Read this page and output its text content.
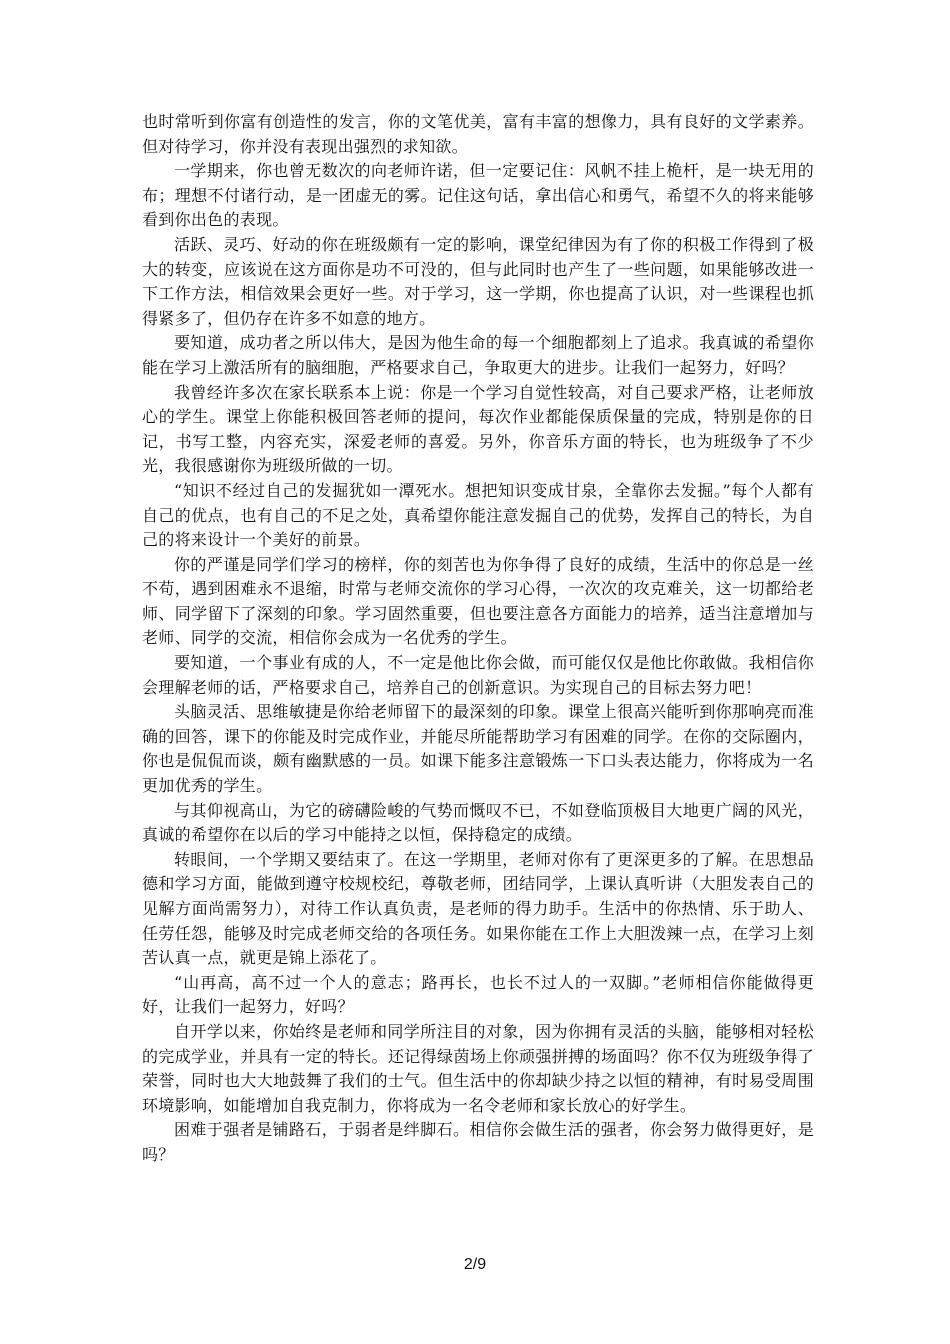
也时常听到你富有创造性的发言，你的文笔优美，富有丰富的想像力，具有良好的文学素养。但对待学习，你并没有表现出强烈的求知欲。

一学期来，你也曾无数次的向老师许诺，但一定要记住：风帆不挂上桅杆，是一块无用的布；理想不付诸行动，是一团虚无的雾。记住这句话，拿出信心和勇气，希望不久的将来能够看到你出色的表现。

活跃、灵巧、好动的你在班级颇有一定的影响，课堂纪律因为有了你的积极工作得到了极大的转变，应该说在这方面你是功不可没的，但与此同时也产生了一些问题，如果能够改进一下工作方法，相信效果会更好一些。对于学习，这一学期，你也提高了认识，对一些课程也抓得紧多了，但仍存在许多不如意的地方。

要知道，成功者之所以伟大，是因为他生命的每一个细胞都刻上了追求。我真诚的希望你能在学习上激活所有的脑细胞，严格要求自己，争取更大的进步。让我们一起努力，好吗？

我曾经许多次在家长联系本上说：你是一个学习自觉性较高，对自己要求严格，让老师放心的学生。课堂上你能积极回答老师的提问，每次作业都能保质保量的完成，特别是你的日记，书写工整，内容充实，深爱老师的喜爱。另外，你音乐方面的特长，也为班级争了不少光，我很感谢你为班级所做的一切。

“知识不经过自己的发掘犹如一潭死水。想把知识变成甘泉，全靠你去发掘。”每个人都有自己的优点，也有自己的不足之处，真希望你能注意发掘自己的优势，发挥自己的特长，为自己的将来设计一个美好的前景。

你的严谨是同学们学习的榜样，你的刻苦也为你争得了良好的成绩，生活中的你总是一丝不苟，遇到困难永不退缩，时常与老师交流你的学习心得，一次次的攻克难关，这一切都给老师、同学留下了深刻的印象。学习固然重要，但也要注意各方面能力的培养，适当注意增加与老师、同学的交流，相信你会成为一名优秀的学生。

要知道，一个事业有成的人，不一定是他比你会做，而可能仅仅是他比你敢做。我相信你会理解老师的话，严格要求自己，培养自己的创新意识。为实现自己的目标去努力吧！

头脑灵活、思维敏捷是你给老师留下的最深刻的印象。课堂上很高兴能听到你那响亮而准确的回答，课下的你能及时完成作业，并能尽所能帮助学习有困难的同学。在你的交际圈内，你也是侃侃而谈，颇有幽默感的一员。如课下能多注意锻炼一下口头表达能力，你将成为一名更加优秀的学生。

与其仰视高山，为它的磅礴险峻的气势而慨叹不已，不如登临顶极目大地更广阔的风光，真诚的希望你在以后的学习中能持之以恒，保持稳定的成绩。

转眼间，一个学期又要结束了。在这一学期里，老师对你有了更深更多的了解。在思想品德和学习方面，能做到遵守校规校纪，尊敬老师，团结同学，上课认真听讲（大胆发表自己的见解方面尚需努力），对待工作认真负责，是老师的得力助手。生活中的你热情、乐于助人、任劳任怨，能够及时完成老师交给的各项任务。如果你能在工作上大胆泼辣一点，在学习上刻苦认真一点，就更是锦上添花了。

“山再高，高不过一个人的意志；路再长，也长不过人的一双脚。”老师相信你能做得更好，让我们一起努力，好吗？

自开学以来，你始终是老师和同学所注目的对象，因为你拥有灵活的头脑，能够相对轻松的完成学业，并具有一定的特长。还记得绿茵场上你顽强拼搏的场面吗？你不仅为班级争得了荣誉，同时也大大地鼓舞了我们的士气。但生活中的你却缺少持之以恒的精神，有时易受周围环境影响，如能增加自我克制力，你将成为一名令老师和家长放心的好学生。

困难于强者是铺路石，于弱者是绊脚石。相信你会做生活的强者，你会努力做得更好，是吗？

2/9
